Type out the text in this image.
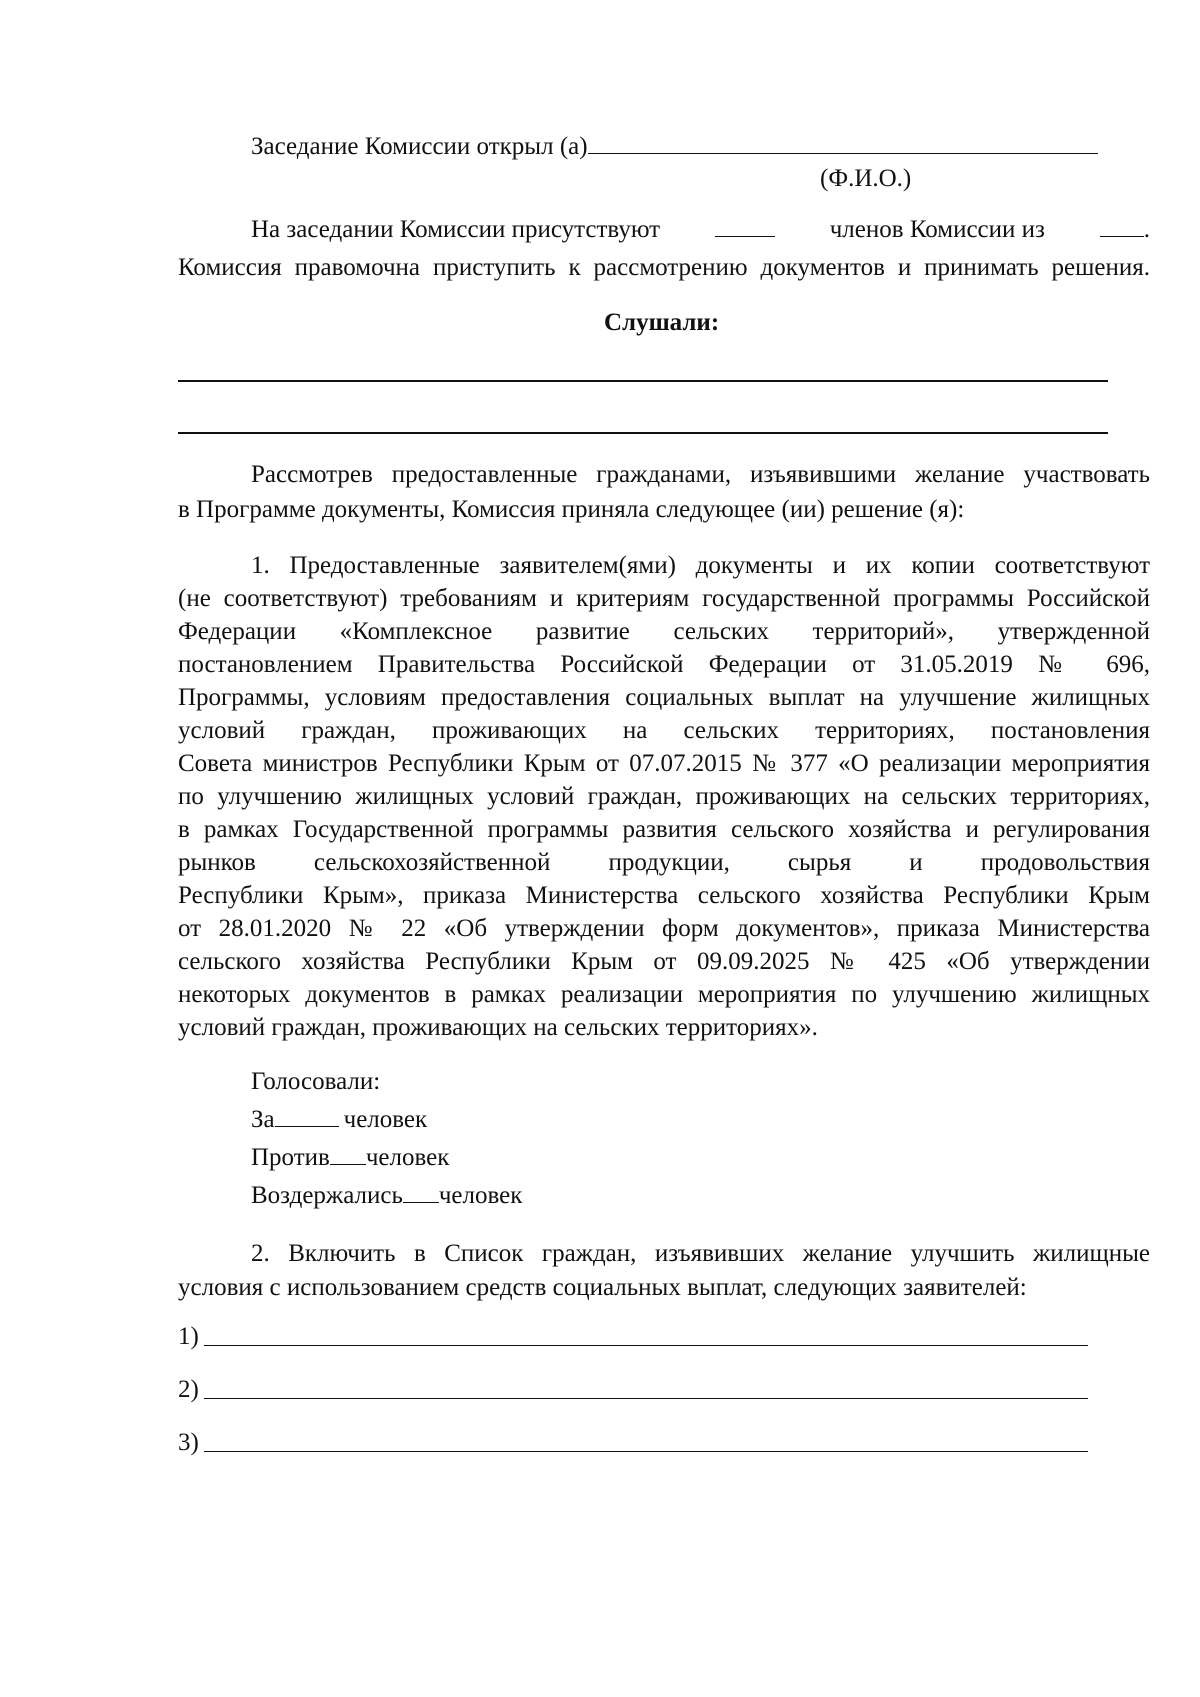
Заседание Комиссии открыл (а)
(Ф.И.О.)
На заседании Комиссии присутствуют	членов Комиссии из	.
Комиссия правомочна приступить к рассмотрению документов и принимать решения.
Слушали:
Рассмотрев предоставленные гражданами, изъявившими желание участвовать
в Программе документы, Комиссия приняла следующее (ии) решение (я):
1. Предоставленные заявителем(ями) документы и их копии соответствуют
(не соответствуют) требованиям и критериям государственной программы Российской
Федерации «Комплексное развитие сельских территорий», утвержденной
постановлением Правительства Российской Федерации от 31.05.2019 № 696,
Программы, условиям предоставления социальных выплат на улучшение жилищных
условий граждан, проживающих на сельских территориях, постановления
Совета министров Республики Крым от 07.07.2015 № 377 «О реализации мероприятия
по улучшению жилищных условий граждан, проживающих на сельских территориях,
в рамках Государственной программы развития сельского хозяйства и регулирования
рынков сельскохозяйственной продукции, сырья и продовольствия
Республики Крым», приказа Министерства сельского хозяйства Республики Крым
от 28.01.2020 № 22 «Об утверждении форм документов», приказа Министерства
сельского хозяйства Республики Крым от 09.09.2025 № 425 «Об утверждении
некоторых документов в рамках реализации мероприятия по улучшению жилищных
условий граждан, проживающих на сельских территориях».
Голосовали:
За	человек
Против человек
Воздержались человек
2. Включить в Список граждан, изъявивших желание улучшить жилищные
условия с использованием средств социальных выплат, следующих заявителей:
1)
2)
3)
